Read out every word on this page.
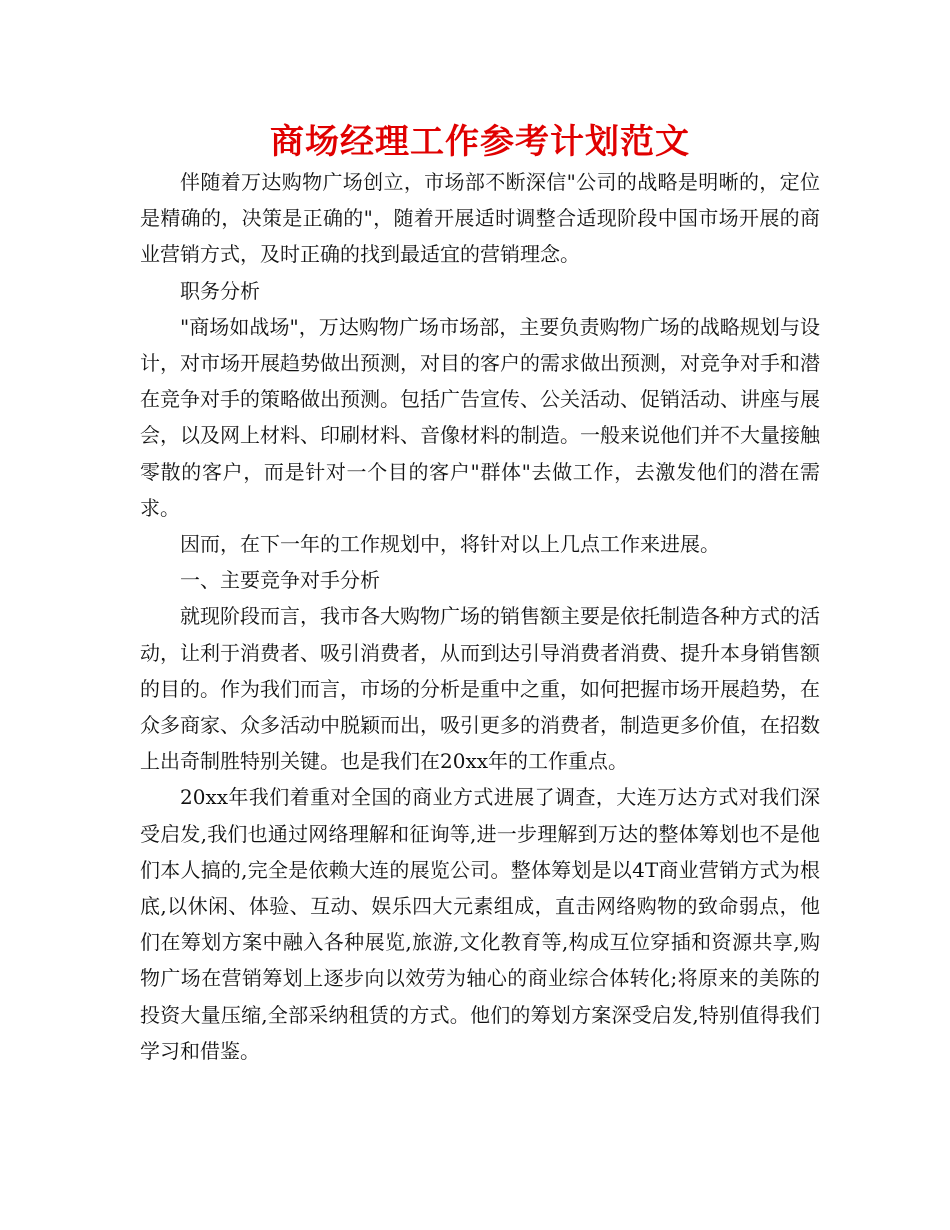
商场经理工作参考计划范文

伴随着万达购物广场创立，市场部不断深信"公司的战略是明晰的，定位是精确的，决策是正确的"，随着开展适时调整合适现阶段中国市场开展的商业营销方式，及时正确的找到最适宜的营销理念。

职务分析

"商场如战场"，万达购物广场市场部，主要负责购物广场的战略规划与设计，对市场开展趋势做出预测，对目的客户的需求做出预测，对竞争对手和潜在竞争对手的策略做出预测。包括广告宣传、公关活动、促销活动、讲座与展会，以及网上材料、印刷材料、音像材料的制造。一般来说他们并不大量接触零散的客户，而是针对一个目的客户"群体"去做工作，去激发他们的潜在需求。

因而，在下一年的工作规划中，将针对以上几点工作来进展。

一、主要竞争对手分析

就现阶段而言，我市各大购物广场的销售额主要是依托制造各种方式的活动，让利于消费者、吸引消费者，从而到达引导消费者消费、提升本身销售额的目的。作为我们而言，市场的分析是重中之重，如何把握市场开展趋势，在众多商家、众多活动中脱颖而出，吸引更多的消费者，制造更多价值，在招数上出奇制胜特别关键。也是我们在20xx年的工作重点。

20xx年我们着重对全国的商业方式进展了调查，大连万达方式对我们深受启发,我们也通过网络理解和征询等,进一步理解到万达的整体筹划也不是他们本人搞的,完全是依赖大连的展览公司。整体筹划是以4T商业营销方式为根底,以休闲、体验、互动、娱乐四大元素组成，直击网络购物的致命弱点，他们在筹划方案中融入各种展览,旅游,文化教育等,构成互位穿插和资源共享,购物广场在营销筹划上逐步向以效劳为轴心的商业综合体转化;将原来的美陈的投资大量压缩,全部采纳租赁的方式。他们的筹划方案深受启发,特别值得我们学习和借鉴。
